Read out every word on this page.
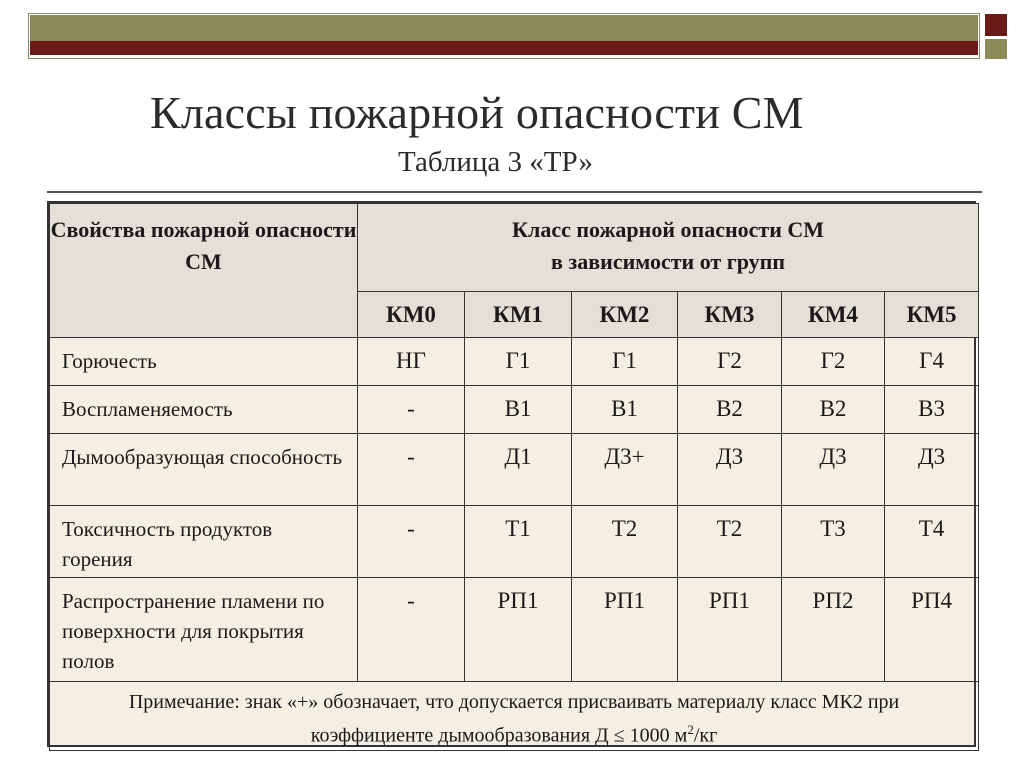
Классы пожарной опасности СМ
Таблица 3 «ТР»
Свойства пожарной опасности СМ	Класс пожарной опасности СМ
в зависимости от групп					

	КМ0	КМ1	КМ2	КМ3	КМ4	КМ5
Горючесть	НГ	Г1	Г1	Г2	Г2	Г4
Воспламеняемость	-	В1	В1	В2	В2	В3
Дымообразующая способность	-	Д1	Д3+	Д3	Д3	Д3
Токсичность продуктов горения	-	Т1	Т2	Т2	Т3	Т4
Распространение пламени по поверхности для покрытия полов	-	РП1	РП1	РП1	РП2	РП4

Примечание: знак «+» обозначает, что допускается присваивать материалу класс МК2 при
коэффициенте дымообразования Д ≤ 1000 м$^2$/кг						
